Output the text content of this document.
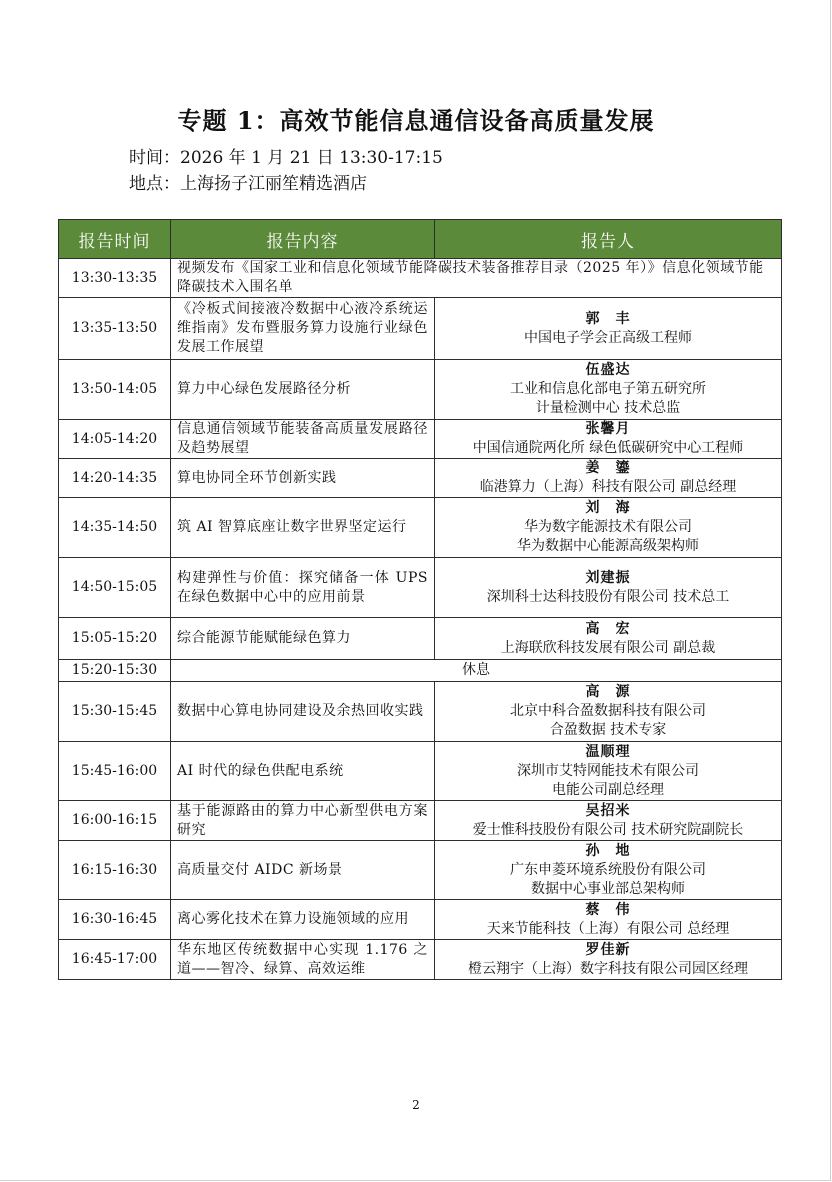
专题 1：高效节能信息通信设备高质量发展
时间：2026 年 1 月 21 日 13:30-17:15
地点：上海扬子江丽笙精选酒店
报告时间	报告内容	报告人
13:30-13:35	视频发布《国家工业和信息化领域节能降碳技术装备推荐目录（2025 年）》信息化领域节能降碳技术入围名单	
13:35-13:50	《冷板式间接液冷数据中心液冷系统运维指南》发布暨服务算力设施行业绿色发展工作展望	郭　丰
中国电子学会正高级工程师

13:50-14:05	算力中心绿色发展路径分析	伍盛达
工业和信息化部电子第五研究所
计量检测中心 技术总监

14:05-14:20	信息通信领域节能装备高质量发展路径及趋势展望	张馨月
中国信通院两化所 绿色低碳研究中心工程师

14:20-14:35	算电协同全环节创新实践	姜　鎏
临港算力（上海）科技有限公司 副总经理

14:35-14:50	筑 AI 智算底座让数字世界坚定运行	刘　海
华为数字能源技术有限公司
华为数据中心能源高级架构师

14:50-15:05	构建弹性与价值：探究储备一体 UPS 在绿色数据中心中的应用前景	刘建振
深圳科士达科技股份有限公司 技术总工

15:05-15:20	综合能源节能赋能绿色算力	高　宏
上海联欣科技发展有限公司 副总裁

15:20-15:30	休息	
15:30-15:45	数据中心算电协同建设及余热回收实践	高　源
北京中科合盈数据科技有限公司
合盈数据 技术专家

15:45-16:00	AI 时代的绿色供配电系统	温顺理
深圳市艾特网能技术有限公司
电能公司副总经理

16:00-16:15	基于能源路由的算力中心新型供电方案研究	吴招米
爱士惟科技股份有限公司 技术研究院副院长

16:15-16:30	高质量交付 AIDC 新场景	孙　地
广东申菱环境系统股份有限公司
数据中心事业部总架构师

16:30-16:45	离心雾化技术在算力设施领域的应用	蔡　伟
天来节能科技（上海）有限公司 总经理

16:45-17:00	华东地区传统数据中心实现 1.176 之道——智冷、绿算、高效运维	罗佳新
橙云翔宇（上海）数字科技有限公司园区经理
2
